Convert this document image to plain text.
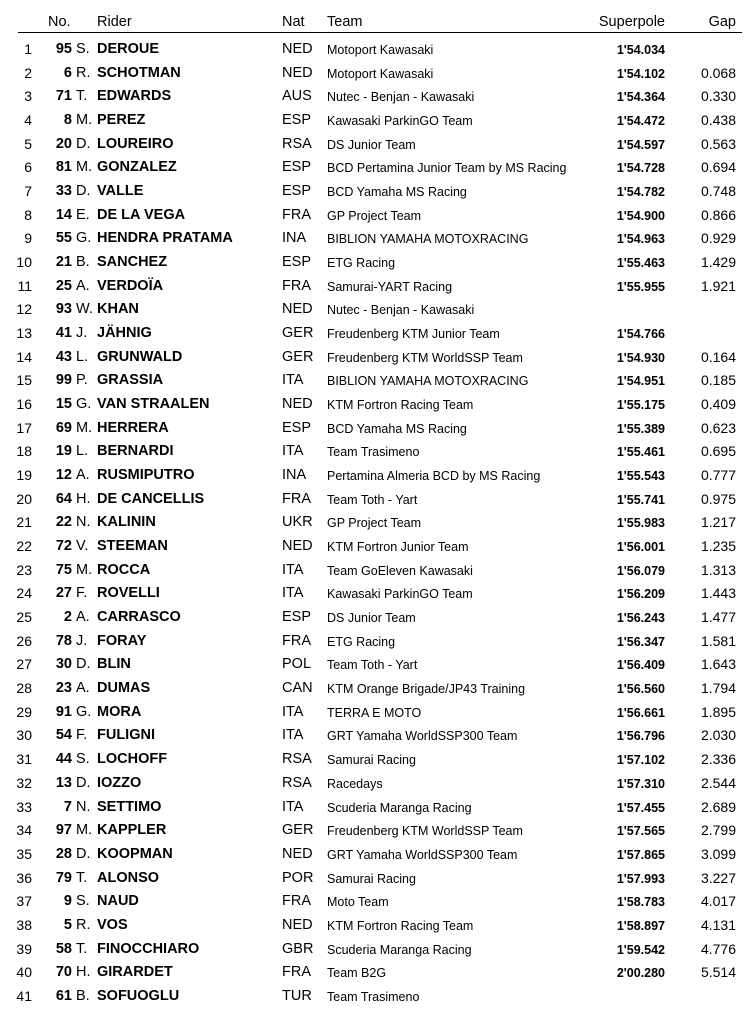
No. Rider	Nat Team	Superpole	Gap
1 95 S. DEROUE	NED Motoport Kawasaki	1'54.034
2 6 R. SCHOTMAN	NED Motoport Kawasaki	1'54.102	0.068
3 71 T. EDWARDS	AUS Nutec - Benjan - Kawasaki	1'54.364	0.330
4 8 M. PEREZ	ESP Kawasaki ParkinGO Team	1'54.472	0.438
5 20 D. LOUREIRO	RSA DS Junior Team	1'54.597	0.563
6 81 M. GONZALEZ	ESP BCD Pertamina Junior Team by MS Racing	1'54.728	0.694
7 33 D. VALLE	ESP BCD Yamaha MS Racing	1'54.782	0.748
8 14 E. DE LA VEGA	FRA GP Project Team	1'54.900	0.866
9 55 G. HENDRA PRATAMA	INA BIBLION YAMAHA MOTOXRACING	1'54.963	0.929
10 21 B. SANCHEZ	ESP ETG Racing	1'55.463	1.429
11 25 A. VERDOÏA	FRA Samurai-YART Racing	1'55.955	1.921
12 93 W. KHAN	NED Nutec - Benjan - Kawasaki
13 41 J. JÄHNIG	GER Freudenberg KTM Junior Team	1'54.766
14 43 L. GRUNWALD	GER Freudenberg KTM WorldSSP Team	1'54.930	0.164
15 99 P. GRASSIA	ITA BIBLION YAMAHA MOTOXRACING	1'54.951	0.185
16 15 G. VAN STRAALEN	NED KTM Fortron Racing Team	1'55.175	0.409
17 69 M. HERRERA	ESP BCD Yamaha MS Racing	1'55.389	0.623
18 19 L. BERNARDI	ITA Team Trasimeno	1'55.461	0.695
19 12 A. RUSMIPUTRO	INA Pertamina Almeria BCD by MS Racing	1'55.543	0.777
20 64 H. DE CANCELLIS	FRA Team Toth - Yart	1'55.741	0.975
21 22 N. KALININ	UKR GP Project Team	1'55.983	1.217
22 72 V. STEEMAN	NED KTM Fortron Junior Team	1'56.001	1.235
23 75 M. ROCCA	ITA Team GoEleven Kawasaki	1'56.079	1.313
24 27 F. ROVELLI	ITA Kawasaki ParkinGO Team	1'56.209	1.443
25 2 A. CARRASCO	ESP DS Junior Team	1'56.243	1.477
26 78 J. FORAY	FRA ETG Racing	1'56.347	1.581
27 30 D. BLIN	POL Team Toth - Yart	1'56.409	1.643
28 23 A. DUMAS	CAN KTM Orange Brigade/JP43 Training	1'56.560	1.794
29 91 G. MORA	ITA TERRA E MOTO	1'56.661	1.895
30 54 F. FULIGNI	ITA GRT Yamaha WorldSSP300 Team	1'56.796	2.030
31 44 S. LOCHOFF	RSA Samurai Racing	1'57.102	2.336
32 13 D. IOZZO	RSA Racedays	1'57.310	2.544
33 7 N. SETTIMO	ITA Scuderia Maranga Racing	1'57.455	2.689
34 97 M. KAPPLER	GER Freudenberg KTM WorldSSP Team	1'57.565	2.799
35 28 D. KOOPMAN	NED GRT Yamaha WorldSSP300 Team	1'57.865	3.099
36 79 T. ALONSO	POR Samurai Racing	1'57.993	3.227
37 9 S. NAUD	FRA Moto Team	1'58.783	4.017
38 5 R. VOS	NED KTM Fortron Racing Team	1'58.897	4.131
39 58 T. FINOCCHIARO	GBR Scuderia Maranga Racing	1'59.542	4.776
40 70 H. GIRARDET	FRA Team B2G	2'00.280	5.514
41 61 B. SOFUOGLU	TUR Team Trasimeno
